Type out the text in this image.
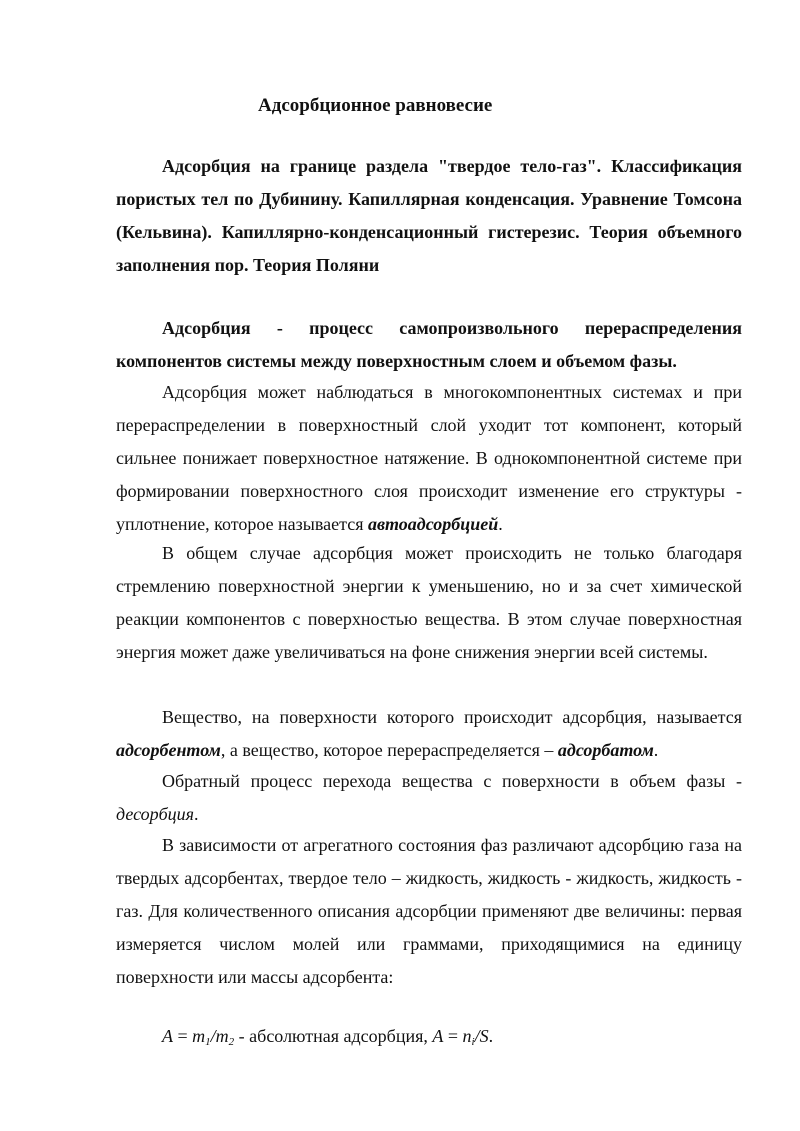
Адсорбционное равновесие
Адсорбция на границе раздела "твердое тело-газ". Классификация пористых тел по Дубинину. Капиллярная конденсация. Уравнение Томсона (Кельвина). Капиллярно-конденсационный гистерезис. Теория объемного заполнения пор. Теория Поляни
Адсорбция - процесс самопроизвольного перераспределения компонентов системы между поверхностным слоем и объемом фазы.
Адсорбция может наблюдаться в многокомпонентных системах и при перераспределении в поверхностный слой уходит тот компонент, который сильнее понижает поверхностное натяжение. В однокомпонентной системе при формировании поверхностного слоя происходит изменение его структуры - уплотнение, которое называется автоадсорбцией.
В общем случае адсорбция может происходить не только благодаря стремлению поверхностной энергии к уменьшению, но и за счет химической реакции компонентов с поверхностью вещества. В этом случае поверхностная энергия может даже увеличиваться на фоне снижения энергии всей системы.
Вещество, на поверхности которого происходит адсорбция, называется адсорбентом, а вещество, которое перераспределяется – адсорбатом.
Обратный процесс перехода вещества с поверхности в объем фазы - десорбция.
В зависимости от агрегатного состояния фаз различают адсорбцию газа на твердых адсорбентах, твердое тело – жидкость, жидкость - жидкость, жидкость - газ. Для количественного описания адсорбции применяют две величины: первая измеряется числом молей или граммами, приходящимися на единицу поверхности или массы адсорбента:
$A = m_1/m_2$ - абсолютная адсорбция, $A = n_i/S$.
